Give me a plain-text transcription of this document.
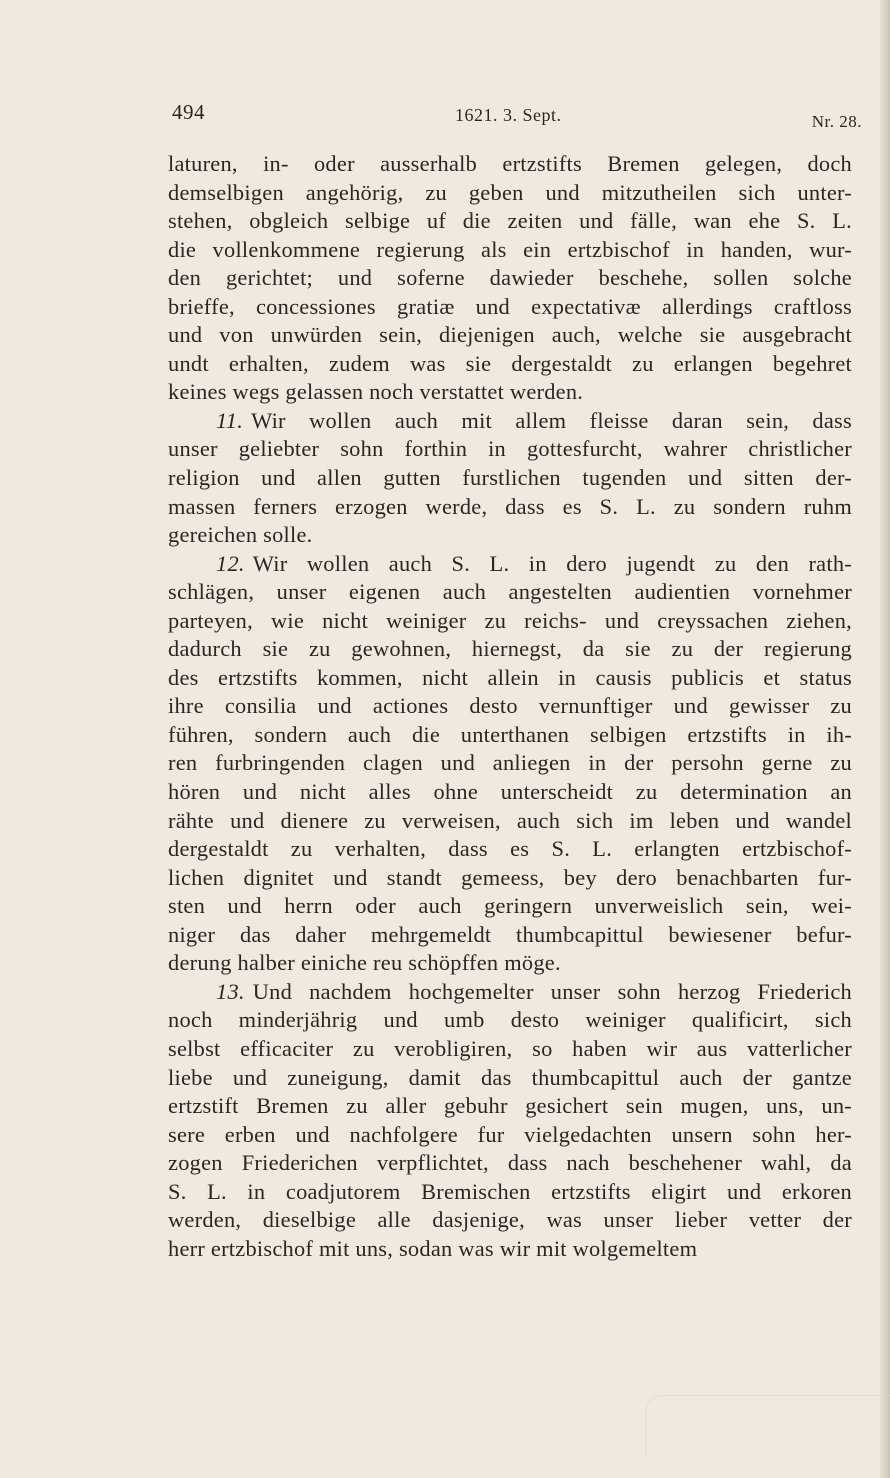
494	1621. 3. Sept.	Nr. 28.
laturen, in- oder ausserhalb ertzstifts Bremen gelegen, doch
demselbigen angehörig, zu geben und mitzutheilen sich unter-
stehen, obgleich selbige uf die zeiten und fälle, wan ehe S. L.
die vollenkommene regierung als ein ertzbischof in handen, wur-
den gerichtet; und soferne dawieder beschehe, sollen solche
brieffe, concessiones gratiæ und expectativæ allerdings craftloss
und von unwürden sein, diejenigen auch, welche sie ausgebracht
undt erhalten, zudem was sie dergestaldt zu erlangen begehret
keines wegs gelassen noch verstattet werden.
11. Wir wollen auch mit allem fleisse daran sein, dass
unser geliebter sohn forthin in gottesfurcht, wahrer christlicher
religion und allen gutten furstlichen tugenden und sitten der-
massen ferners erzogen werde, dass es S. L. zu sondern ruhm
gereichen solle.
12. Wir wollen auch S. L. in dero jugendt zu den rath-
schlägen, unser eigenen auch angestelten audientien vornehmer
parteyen, wie nicht weiniger zu reichs- und creyssachen ziehen,
dadurch sie zu gewohnen, hiernegst, da sie zu der regierung
des ertzstifts kommen, nicht allein in causis publicis et status
ihre consilia und actiones desto vernunftiger und gewisser zu
führen, sondern auch die unterthanen selbigen ertzstifts in ih-
ren furbringenden clagen und anliegen in der persohn gerne zu
hören und nicht alles ohne unterscheidt zu determination an
rähte und dienere zu verweisen, auch sich im leben und wandel
dergestaldt zu verhalten, dass es S. L. erlangten ertzbischof-
lichen dignitet und standt gemeess, bey dero benachbarten fur-
sten und herrn oder auch geringern unverweislich sein, wei-
niger das daher mehrgemeldt thumbcapittul bewiesener befur-
derung halber einiche reu schöpffen möge.
13. Und nachdem hochgemelter unser sohn herzog Friederich
noch minderjährig und umb desto weiniger qualificirt, sich
selbst efficaciter zu verobligiren, so haben wir aus vatterlicher
liebe und zuneigung, damit das thumbcapittul auch der gantze
ertzstift Bremen zu aller gebuhr gesichert sein mugen, uns, un-
sere erben und nachfolgere fur vielgedachten unsern sohn her-
zogen Friederichen verpflichtet, dass nach beschehener wahl, da
S. L. in coadjutorem Bremischen ertzstifts eligirt und erkoren
werden, dieselbige alle dasjenige, was unser lieber vetter der
herr ertzbischof mit uns, sodan was wir mit wolgemeltem
